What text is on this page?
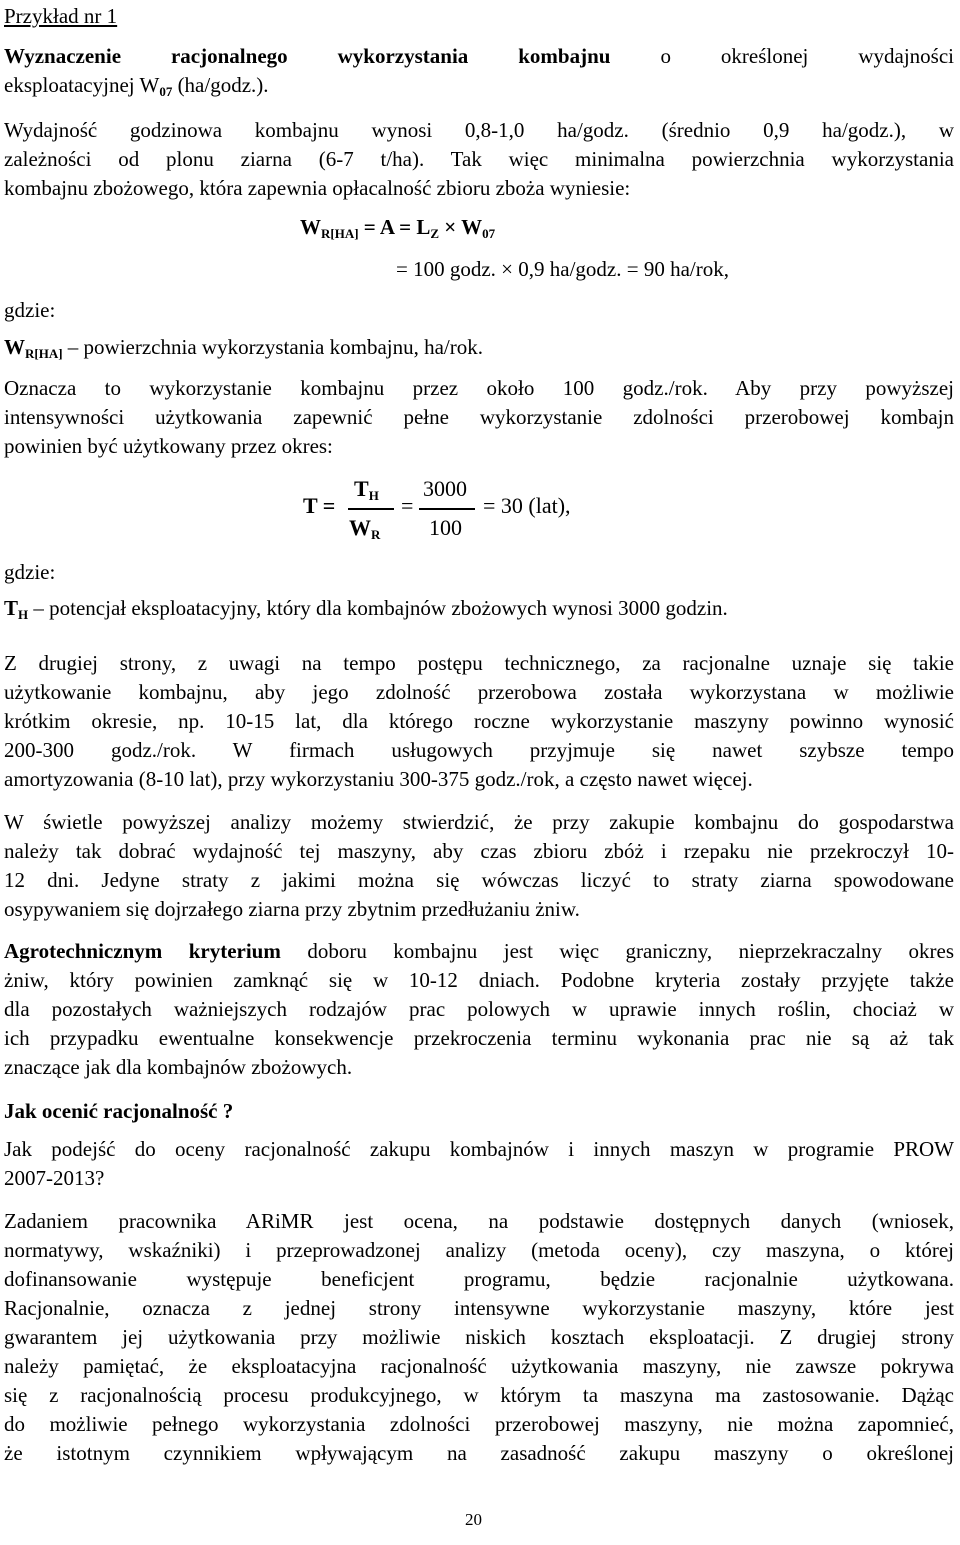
Przykład nr 1
Wyznaczenie racjonalnego wykorzystania kombajnu o określonej wydajności
eksploatacyjnej $W_{07}$ (ha/godz.).
Wydajność godzinowa kombajnu wynosi 0,8-1,0 ha/godz. (średnio 0,9 ha/godz.), w
zależności od plonu ziarna (6-7 t/ha). Tak więc minimalna powierzchnia wykorzystania
kombajnu zbożowego, która zapewnia opłacalność zbioru zboża wyniesie:
$W_{R[HA]} = A = L_Z \times W_{07}$
= 100 godz. × 0,9 ha/godz. = 90 ha/rok,
gdzie:
$W_{R[HA]}$ – powierzchnia wykorzystania kombajnu, ha/rok.
Oznacza to wykorzystanie kombajnu przez około 100 godz./rok. Aby przy powyższej
intensywności użytkowania zapewnić pełne wykorzystanie zdolności przerobowej kombajn
powinien być użytkowany przez okres:
T =
$T_H$
$W_R$
=
3000
100
= 30 (lat),
gdzie:
$T_H$ – potencjał eksploatacyjny, który dla kombajnów zbożowych wynosi 3000 godzin.
Z drugiej strony, z uwagi na tempo postępu technicznego, za racjonalne uznaje się takie
użytkowanie kombajnu, aby jego zdolność przerobowa została wykorzystana w możliwie
krótkim okresie, np. 10-15 lat, dla którego roczne wykorzystanie maszyny powinno wynosić
200-300 godz./rok. W firmach usługowych przyjmuje się nawet szybsze tempo
amortyzowania (8-10 lat), przy wykorzystaniu 300-375 godz./rok, a często nawet więcej.
W świetle powyższej analizy możemy stwierdzić, że przy zakupie kombajnu do gospodarstwa
należy tak dobrać wydajność tej maszyny, aby czas zbioru zbóż i rzepaku nie przekroczył 10-
12 dni. Jedyne straty z jakimi można się wówczas liczyć to straty ziarna spowodowane
osypywaniem się dojrzałego ziarna przy zbytnim przedłużaniu żniw.
Agrotechnicznym kryterium doboru kombajnu jest więc graniczny, nieprzekraczalny okres
żniw, który powinien zamknąć się w 10-12 dniach. Podobne kryteria zostały przyjęte także
dla pozostałych ważniejszych rodzajów prac polowych w uprawie innych roślin, chociaż w
ich przypadku ewentualne konsekwencje przekroczenia terminu wykonania prac nie są aż tak
znaczące jak dla kombajnów zbożowych.
Jak ocenić racjonalność ?
Jak podejść do oceny racjonalność zakupu kombajnów i innych maszyn w programie PROW
2007-2013?
Zadaniem pracownika ARiMR jest ocena, na podstawie dostępnych danych (wniosek,
normatywy, wskaźniki) i przeprowadzonej analizy (metoda oceny), czy maszyna, o której
dofinansowanie występuje beneficjent programu, będzie racjonalnie użytkowana.
Racjonalnie, oznacza z jednej strony intensywne wykorzystanie maszyny, które jest
gwarantem jej użytkowania przy możliwie niskich kosztach eksploatacji. Z drugiej strony
należy pamiętać, że eksploatacyjna racjonalność użytkowania maszyny, nie zawsze pokrywa
się z racjonalnością procesu produkcyjnego, w którym ta maszyna ma zastosowanie. Dążąc
do możliwie pełnego wykorzystania zdolności przerobowej maszyny, nie można zapomnieć,
że istotnym czynnikiem wpływającym na zasadność zakupu maszyny o określonej
20
